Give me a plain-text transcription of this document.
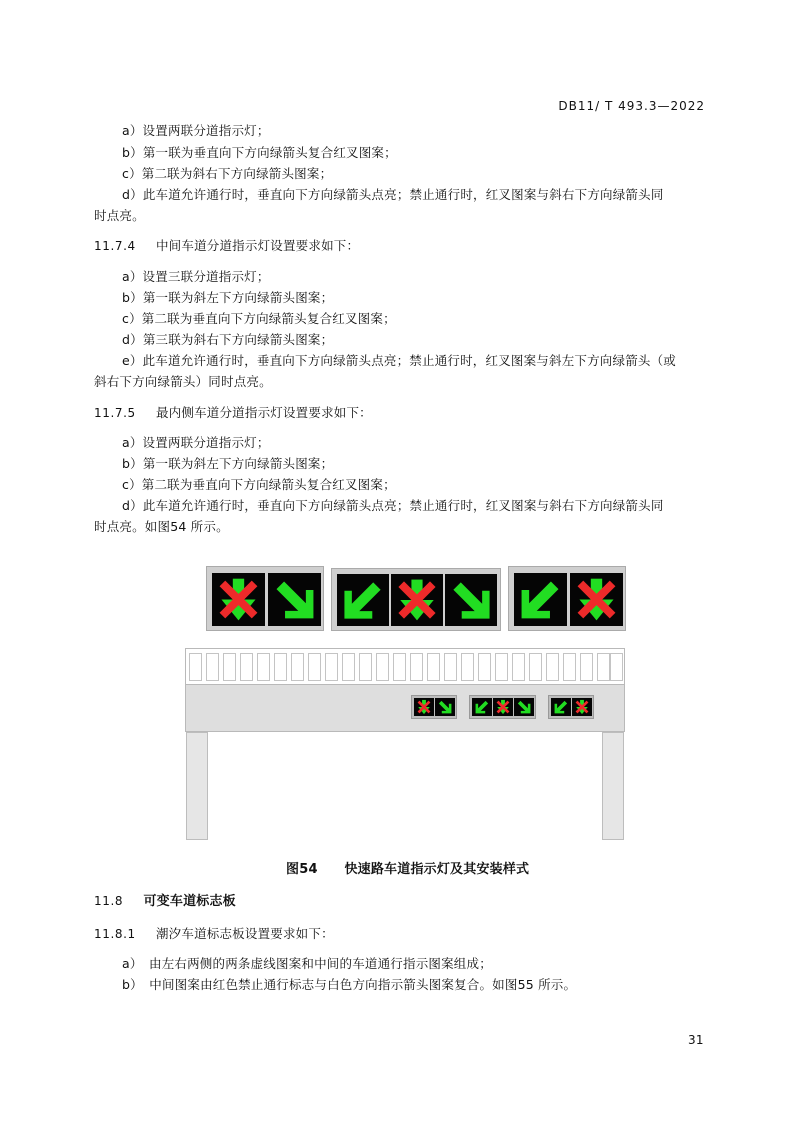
DB11/ T 493.3—2022
a）设置两联分道指示灯；
b）第一联为垂直向下方向绿箭头复合红叉图案；
c）第二联为斜右下方向绿箭头图案；
d）此车道允许通行时，垂直向下方向绿箭头点亮；禁止通行时，红叉图案与斜右下方向绿箭头同
时点亮。
11.7.4 中间车道分道指示灯设置要求如下：
a）设置三联分道指示灯；
b）第一联为斜左下方向绿箭头图案；
c）第二联为垂直向下方向绿箭头复合红叉图案；
d）第三联为斜右下方向绿箭头图案；
e）此车道允许通行时，垂直向下方向绿箭头点亮；禁止通行时，红叉图案与斜左下方向绿箭头（或
斜右下方向绿箭头）同时点亮。
11.7.5 最内侧车道分道指示灯设置要求如下：
a）设置两联分道指示灯；
b）第一联为斜左下方向绿箭头图案；
c）第二联为垂直向下方向绿箭头复合红叉图案；
d）此车道允许通行时，垂直向下方向绿箭头点亮；禁止通行时，红叉图案与斜右下方向绿箭头同
时点亮。如图54 所示。
图54 快速路车道指示灯及其安装样式
11.8 可变车道标志板
11.8.1 潮汐车道标志板设置要求如下：
a）　由左右两侧的两条虚线图案和中间的车道通行指示图案组成；
b）　中间图案由红色禁止通行标志与白色方向指示箭头图案复合。如图55 所示。
31
